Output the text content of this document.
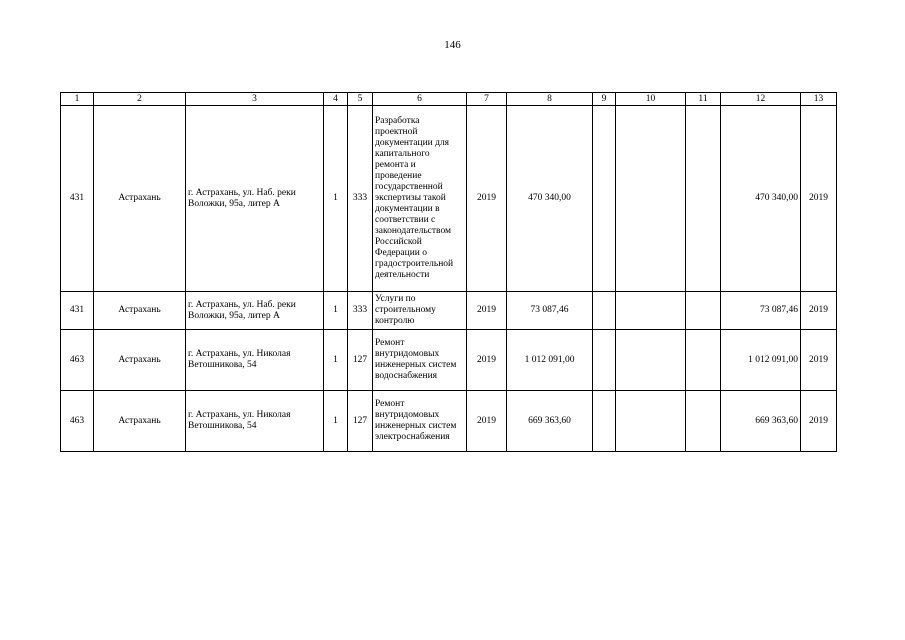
146
1	2	3	4	5	6	7	8	9	10	11	12	13
431	Астрахань	г. Астрахань, ул. Наб. реки Воложки, 95а, литер А	1	333	Разработка проектной документации для капитального ремонта и проведение государственной экспертизы такой документации в соответствии с законодательством Российской Федерации о градостроительной деятельности	2019	470 340,00				470 340,00	2019
431	Астрахань	г. Астрахань, ул. Наб. реки Воложки, 95а, литер А	1	333	Услуги по строительному контролю	2019	73 087,46				73 087,46	2019
463	Астрахань	г. Астрахань, ул. Николая Ветошникова, 54	1	127	Ремонт внутридомовых инженерных систем водоснабжения	2019	1 012 091,00				1 012 091,00	2019
463	Астрахань	г. Астрахань, ул. Николая Ветошникова, 54	1	127	Ремонт внутридомовых инженерных систем электроснабжения	2019	669 363,60				669 363,60	2019
